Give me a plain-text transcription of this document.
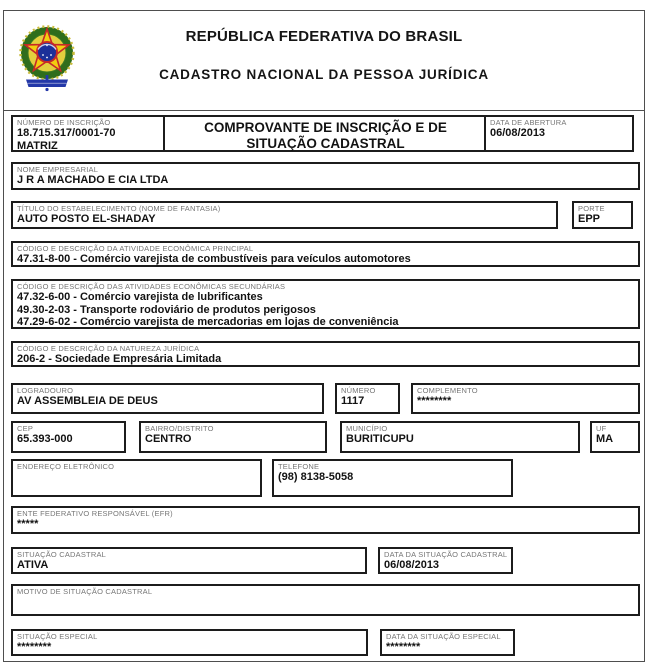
REPÚBLICA FEDERATIVA DO BRASIL
CADASTRO NACIONAL DA PESSOA JURÍDICA
NÚMERO DE INSCRIÇÃO
18.715.317/0001-70
MATRIZ
COMPROVANTE DE INSCRIÇÃO E DE SITUAÇÃO CADASTRAL
DATA DE ABERTURA
06/08/2013
NOME EMPRESARIAL
J R A MACHADO E CIA LTDA
TÍTULO DO ESTABELECIMENTO (NOME DE FANTASIA)
AUTO POSTO EL-SHADAY
PORTE
EPP
CÓDIGO E DESCRIÇÃO DA ATIVIDADE ECONÔMICA PRINCIPAL
47.31-8-00 - Comércio varejista de combustíveis para veículos automotores
CÓDIGO E DESCRIÇÃO DAS ATIVIDADES ECONÔMICAS SECUNDÁRIAS
47.32-6-00 - Comércio varejista de lubrificantes
49.30-2-03 - Transporte rodoviário de produtos perigosos
47.29-6-02 - Comércio varejista de mercadorias em lojas de conveniência
CÓDIGO E DESCRIÇÃO DA NATUREZA JURÍDICA
206-2 - Sociedade Empresária Limitada
LOGRADOURO
AV ASSEMBLEIA DE DEUS
NÚMERO
1117
COMPLEMENTO
********
CEP
65.393-000
BAIRRO/DISTRITO
CENTRO
MUNICÍPIO
BURITICUPU
UF
MA
ENDEREÇO ELETRÔNICO	TELEFONE
(98) 8138-5058
ENTE FEDERATIVO RESPONSÁVEL (EFR)
*****
SITUAÇÃO CADASTRAL
ATIVA
DATA DA SITUAÇÃO CADASTRAL
06/08/2013
MOTIVO DE SITUAÇÃO CADASTRAL
SITUAÇÃO ESPECIAL
********
DATA DA SITUAÇÃO ESPECIAL
********
